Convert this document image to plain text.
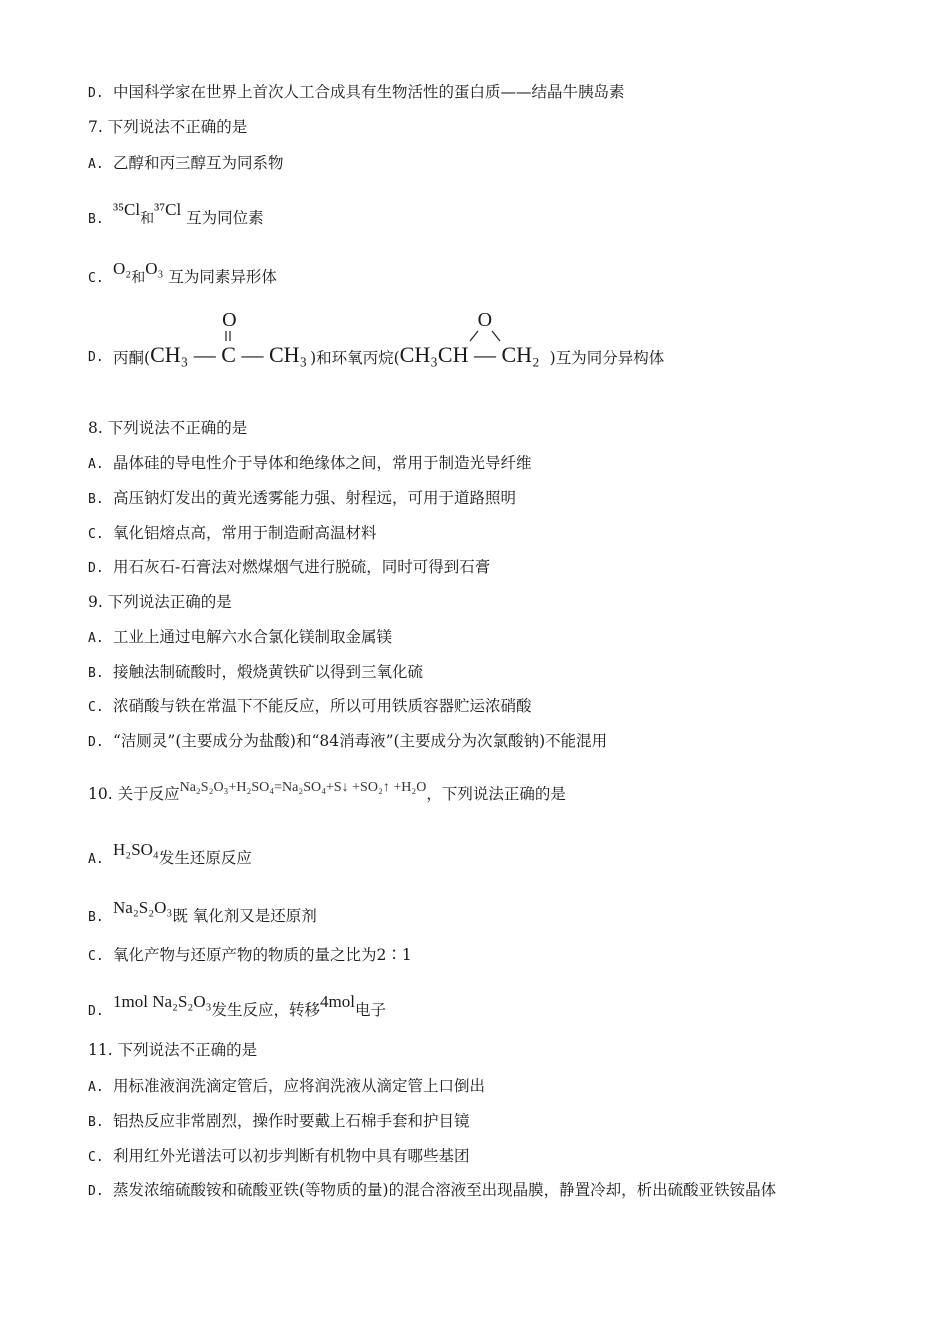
D. 中国科学家在世界上首次人工合成具有生物活性的蛋白质——结晶牛胰岛素
7. 下列说法不正确的是
A. 乙醇和丙三醇互为同系物
B.³⁵Cl和³⁷Cl 互为同位素
C.O₂和O₃ 互为同素异形体
D. 丙酮(
O
CH₃ — C — CH₃ )和环氧丙烷(
O
CH₃CH — CH₂ )互为同分异构体
8. 下列说法不正确的是
A. 晶体硅的导电性介于导体和绝缘体之间，常用于制造光导纤维
B. 高压钠灯发出的黄光透雾能力强、射程远，可用于道路照明
C. 氧化铝熔点高，常用于制造耐高温材料
D. 用石灰石-石膏法对燃煤烟气进行脱硫，同时可得到石膏
9. 下列说法正确的是
A. 工业上通过电解六水合氯化镁制取金属镁
B. 接触法制硫酸时，煅烧黄铁矿以得到三氧化硫
C. 浓硝酸与铁在常温下不能反应，所以可用铁质容器贮运浓硝酸
D. “洁厕灵”(主要成分为盐酸)和“84消毒液”(主要成分为次氯酸钠)不能混用
10. 关于反应Na₂S₂O₃+H₂SO₄=Na₂SO₄+S↓ +SO₂↑ +H₂O，下列说法正确的是
A.H₂SO₄发生还原反应
B.Na₂S₂O₃既 氧化剂又是还原剂
C. 氧化产物与还原产物的物质的量之比为2∶1
D.1mol Na₂S₂O₃发生反应，转移4mol电子
11. 下列说法不正确的是
A. 用标准液润洗滴定管后，应将润洗液从滴定管上口倒出
B. 铝热反应非常剧烈，操作时要戴上石棉手套和护目镜
C. 利用红外光谱法可以初步判断有机物中具有哪些基团
D. 蒸发浓缩硫酸铵和硫酸亚铁(等物质的量)的混合溶液至出现晶膜，静置冷却，析出硫酸亚铁铵晶体
